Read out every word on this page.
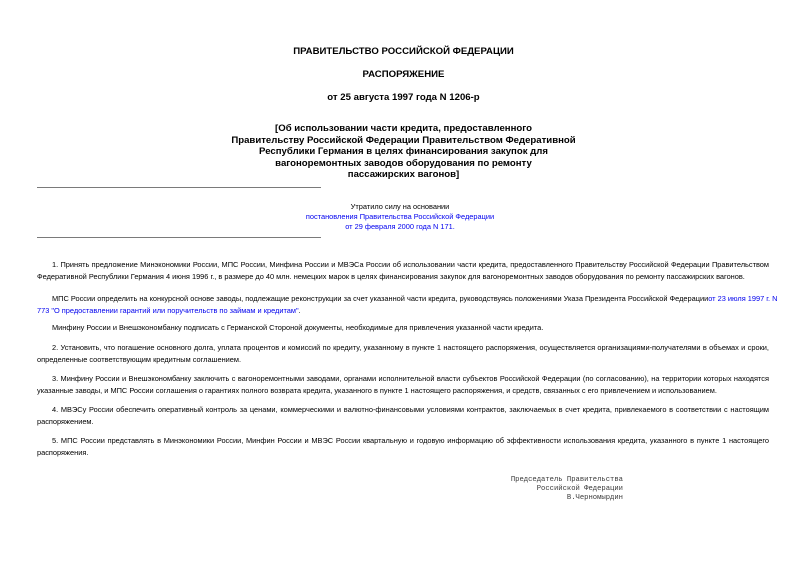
ПРАВИТЕЛЬСТВО РОССИЙСКОЙ ФЕДЕРАЦИИ
РАСПОРЯЖЕНИЕ
от 25 августа 1997 года N 1206-р
[Об использовании части кредита, предоставленного
Правительству Российской Федерации Правительством Федеративной
Республики Германия в целях финансирования закупок для
вагоноремонтных заводов оборудования по ремонту
пассажирских вагонов]
Утратило силу на основании
постановления Правительства Российской Федерации
от 29 февраля 2000 года N 171.
1. Принять предложение Минэкономики России, МПС России, Минфина России и МВЭСа России об использовании части кредита, предоставленного Правительству Российской Федерации Правительством
Федеративной Республики Германия 4 июня 1996 г., в размере до 40 млн. немецких марок в целях финансирования закупок для вагоноремонтных заводов оборудования по ремонту пассажирских вагонов.
МПС России определить на конкурсной основе заводы, подлежащие реконструкции за счет указанной части кредита, руководствуясь положениями Указа Президента Российской Федерацииот 23 июля 1997 г. N
773 "О предоставлении гарантий или поручительств по займам и кредитам".
Минфину России и Внешэкономбанку подписать с Германской Стороной документы, необходимые для привлечения указанной части кредита.
2. Установить, что погашение основного долга, уплата процентов и комиссий по кредиту, указанному в пункте 1 настоящего распоряжения, осуществляется организациями-получателями в объемах и сроки,
определенные соответствующим кредитным соглашением.
3. Минфину России и Внешэкономбанку заключить с вагоноремонтными заводами, органами исполнительной власти субъектов Российской Федерации (по согласованию), на территории которых находятся
указанные заводы, и МПС России соглашения о гарантиях полного возврата кредита, указанного в пункте 1 настоящего распоряжения, и средств, связанных с его привлечением и использованием.
4. МВЭСу России обеспечить оперативный контроль за ценами, коммерческими и валютно-финансовыми условиями контрактов, заключаемых в счет кредита, привлекаемого в соответствии с настоящим
распоряжением.
5. МПС России представлять в Минэкономики России, Минфин России и МВЭС России квартальную и годовую информацию об эффективности использования кредита, указанного в пункте 1 настоящего
распоряжения.
Председатель Правительства
Российской Федерации
В.Черномырдин
